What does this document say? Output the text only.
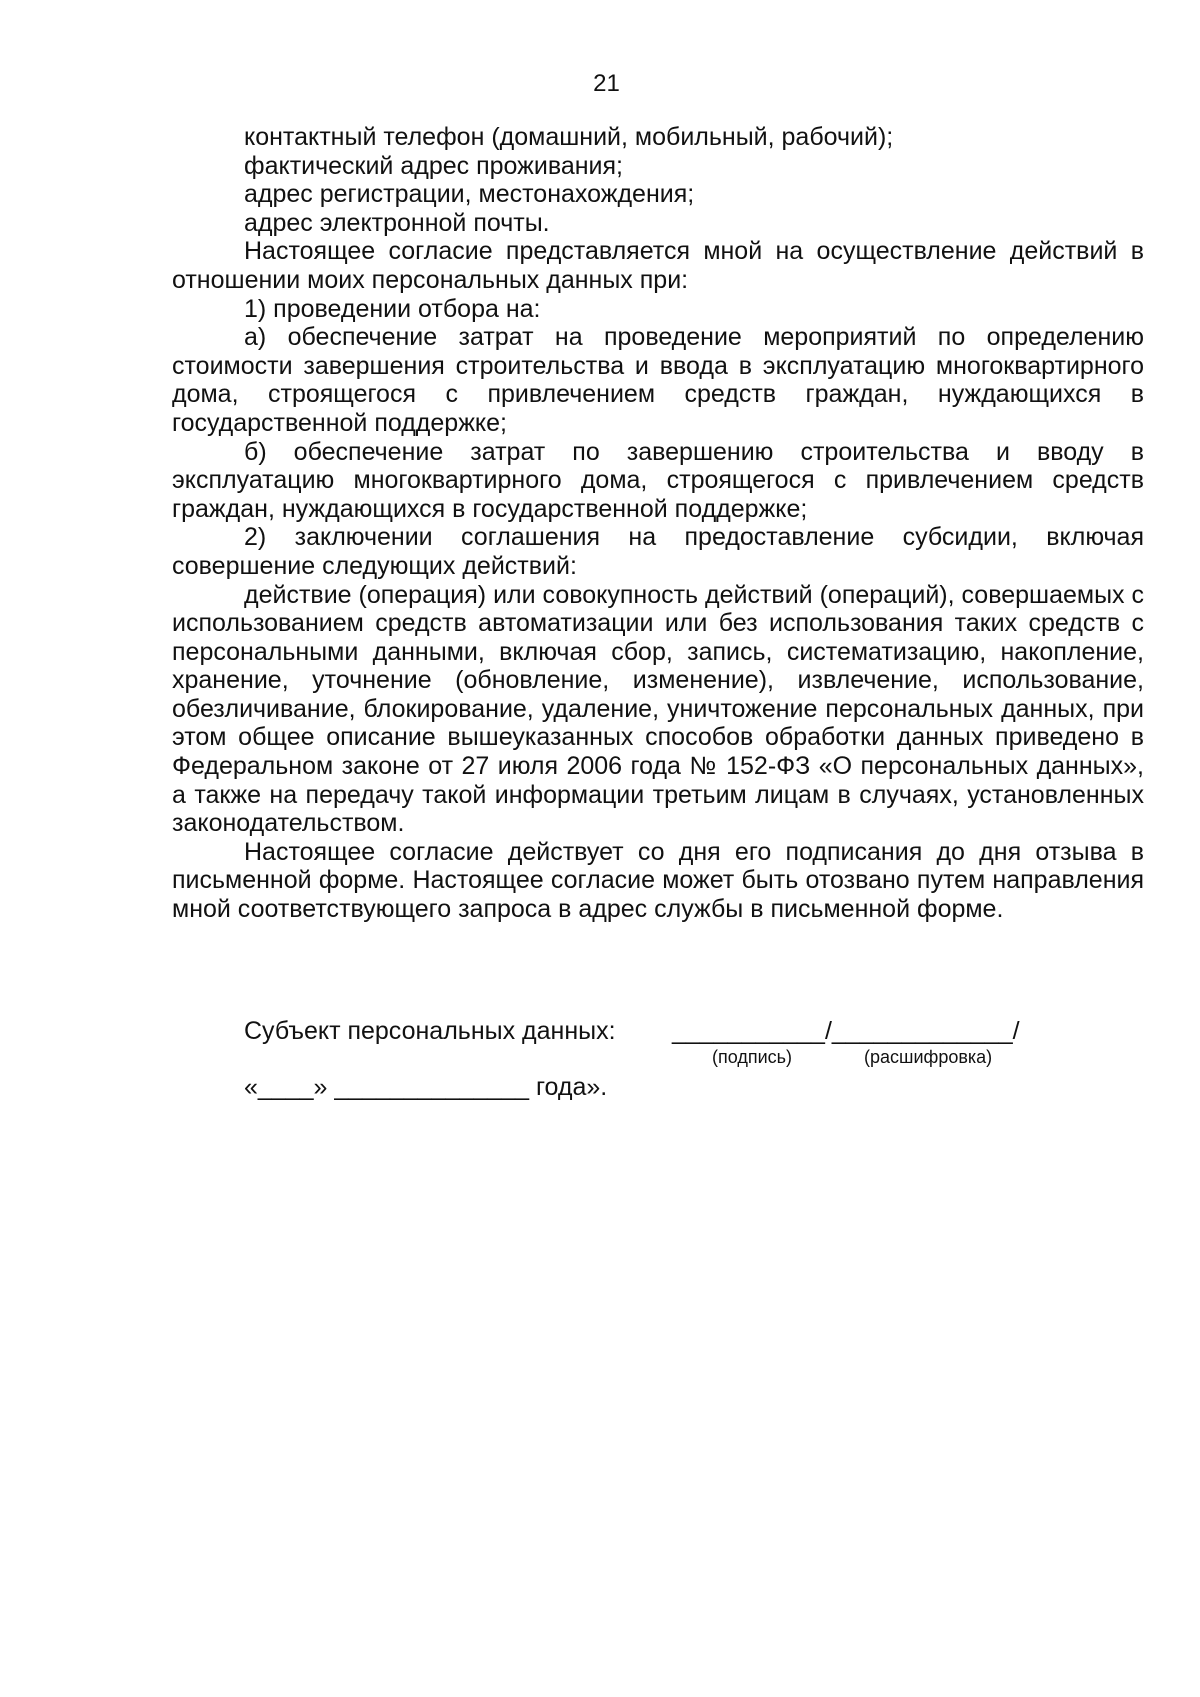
21

контактный телефон (домашний, мобильный, рабочий);

фактический адрес проживания;

адрес регистрации, местонахождения;

адрес электронной почты.

Настоящее согласие представляется мной на осуществление действий в отношении моих персональных данных при:

1) проведении отбора на:

а) обеспечение затрат на проведение мероприятий по определению стоимости завершения строительства и ввода в эксплуатацию многоквартирного дома, строящегося с привлечением средств граждан, нуждающихся в государственной поддержке;

б) обеспечение затрат по завершению строительства и вводу в эксплуатацию многоквартирного дома, строящегося с привлечением средств граждан, нуждающихся в государственной поддержке;

2) заключении соглашения на предоставление субсидии, включая совершение следующих действий:

действие (операция) или совокупность действий (операций), совершаемых с использованием средств автоматизации или без использования таких средств с персональными данными, включая сбор, запись, систематизацию, накопление, хранение, уточнение (обновление, изменение), извлечение, использование, обезличивание, блокирование, удаление, уничтожение персональных данных, при этом общее описание вышеуказанных способов обработки данных приведено в Федеральном законе от 27 июля 2006 года № 152-ФЗ «О персональных данных», а также на передачу такой информации третьим лицам в случаях, установленных законодательством.

Настоящее согласие действует со дня его подписания до дня отзыва в письменной форме. Настоящее согласие может быть отозвано путем направления мной соответствующего запроса в адрес службы в письменной форме.

Субъект персональных данных: ___________/_____________/
(подпись)	(расшифровка)
«____» ______________ года».
